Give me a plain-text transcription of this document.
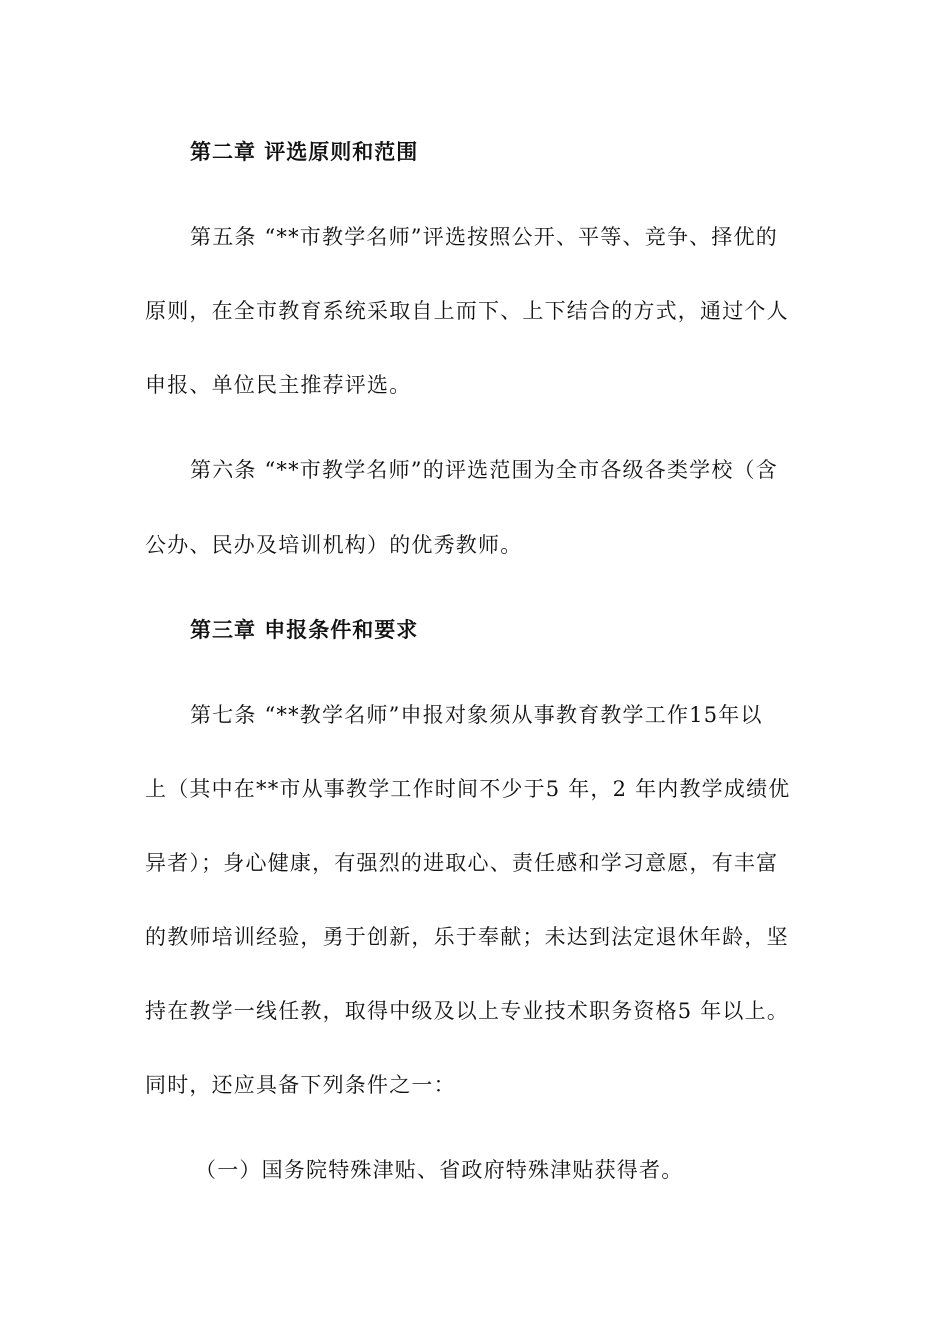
第二章 评选原则和范围
第五条 “**市教学名师”评选按照公开、平等、竞争、择优的
原则，在全市教育系统采取自上而下、上下结合的方式，通过个人
申报、单位民主推荐评选。
第六条 “**市教学名师”的评选范围为全市各级各类学校（含
公办、民办及培训机构）的优秀教师。
第三章 申报条件和要求
第七条 “**教学名师”申报对象须从事教育教学工作15年以
上（其中在**市从事教学工作时间不少于5 年，2 年内教学成绩优
异者）；身心健康，有强烈的进取心、责任感和学习意愿，有丰富
的教师培训经验，勇于创新，乐于奉献；未达到法定退休年龄，坚
持在教学一线任教，取得中级及以上专业技术职务资格5 年以上。
同时，还应具备下列条件之一：
（一）国务院特殊津贴、省政府特殊津贴获得者。
